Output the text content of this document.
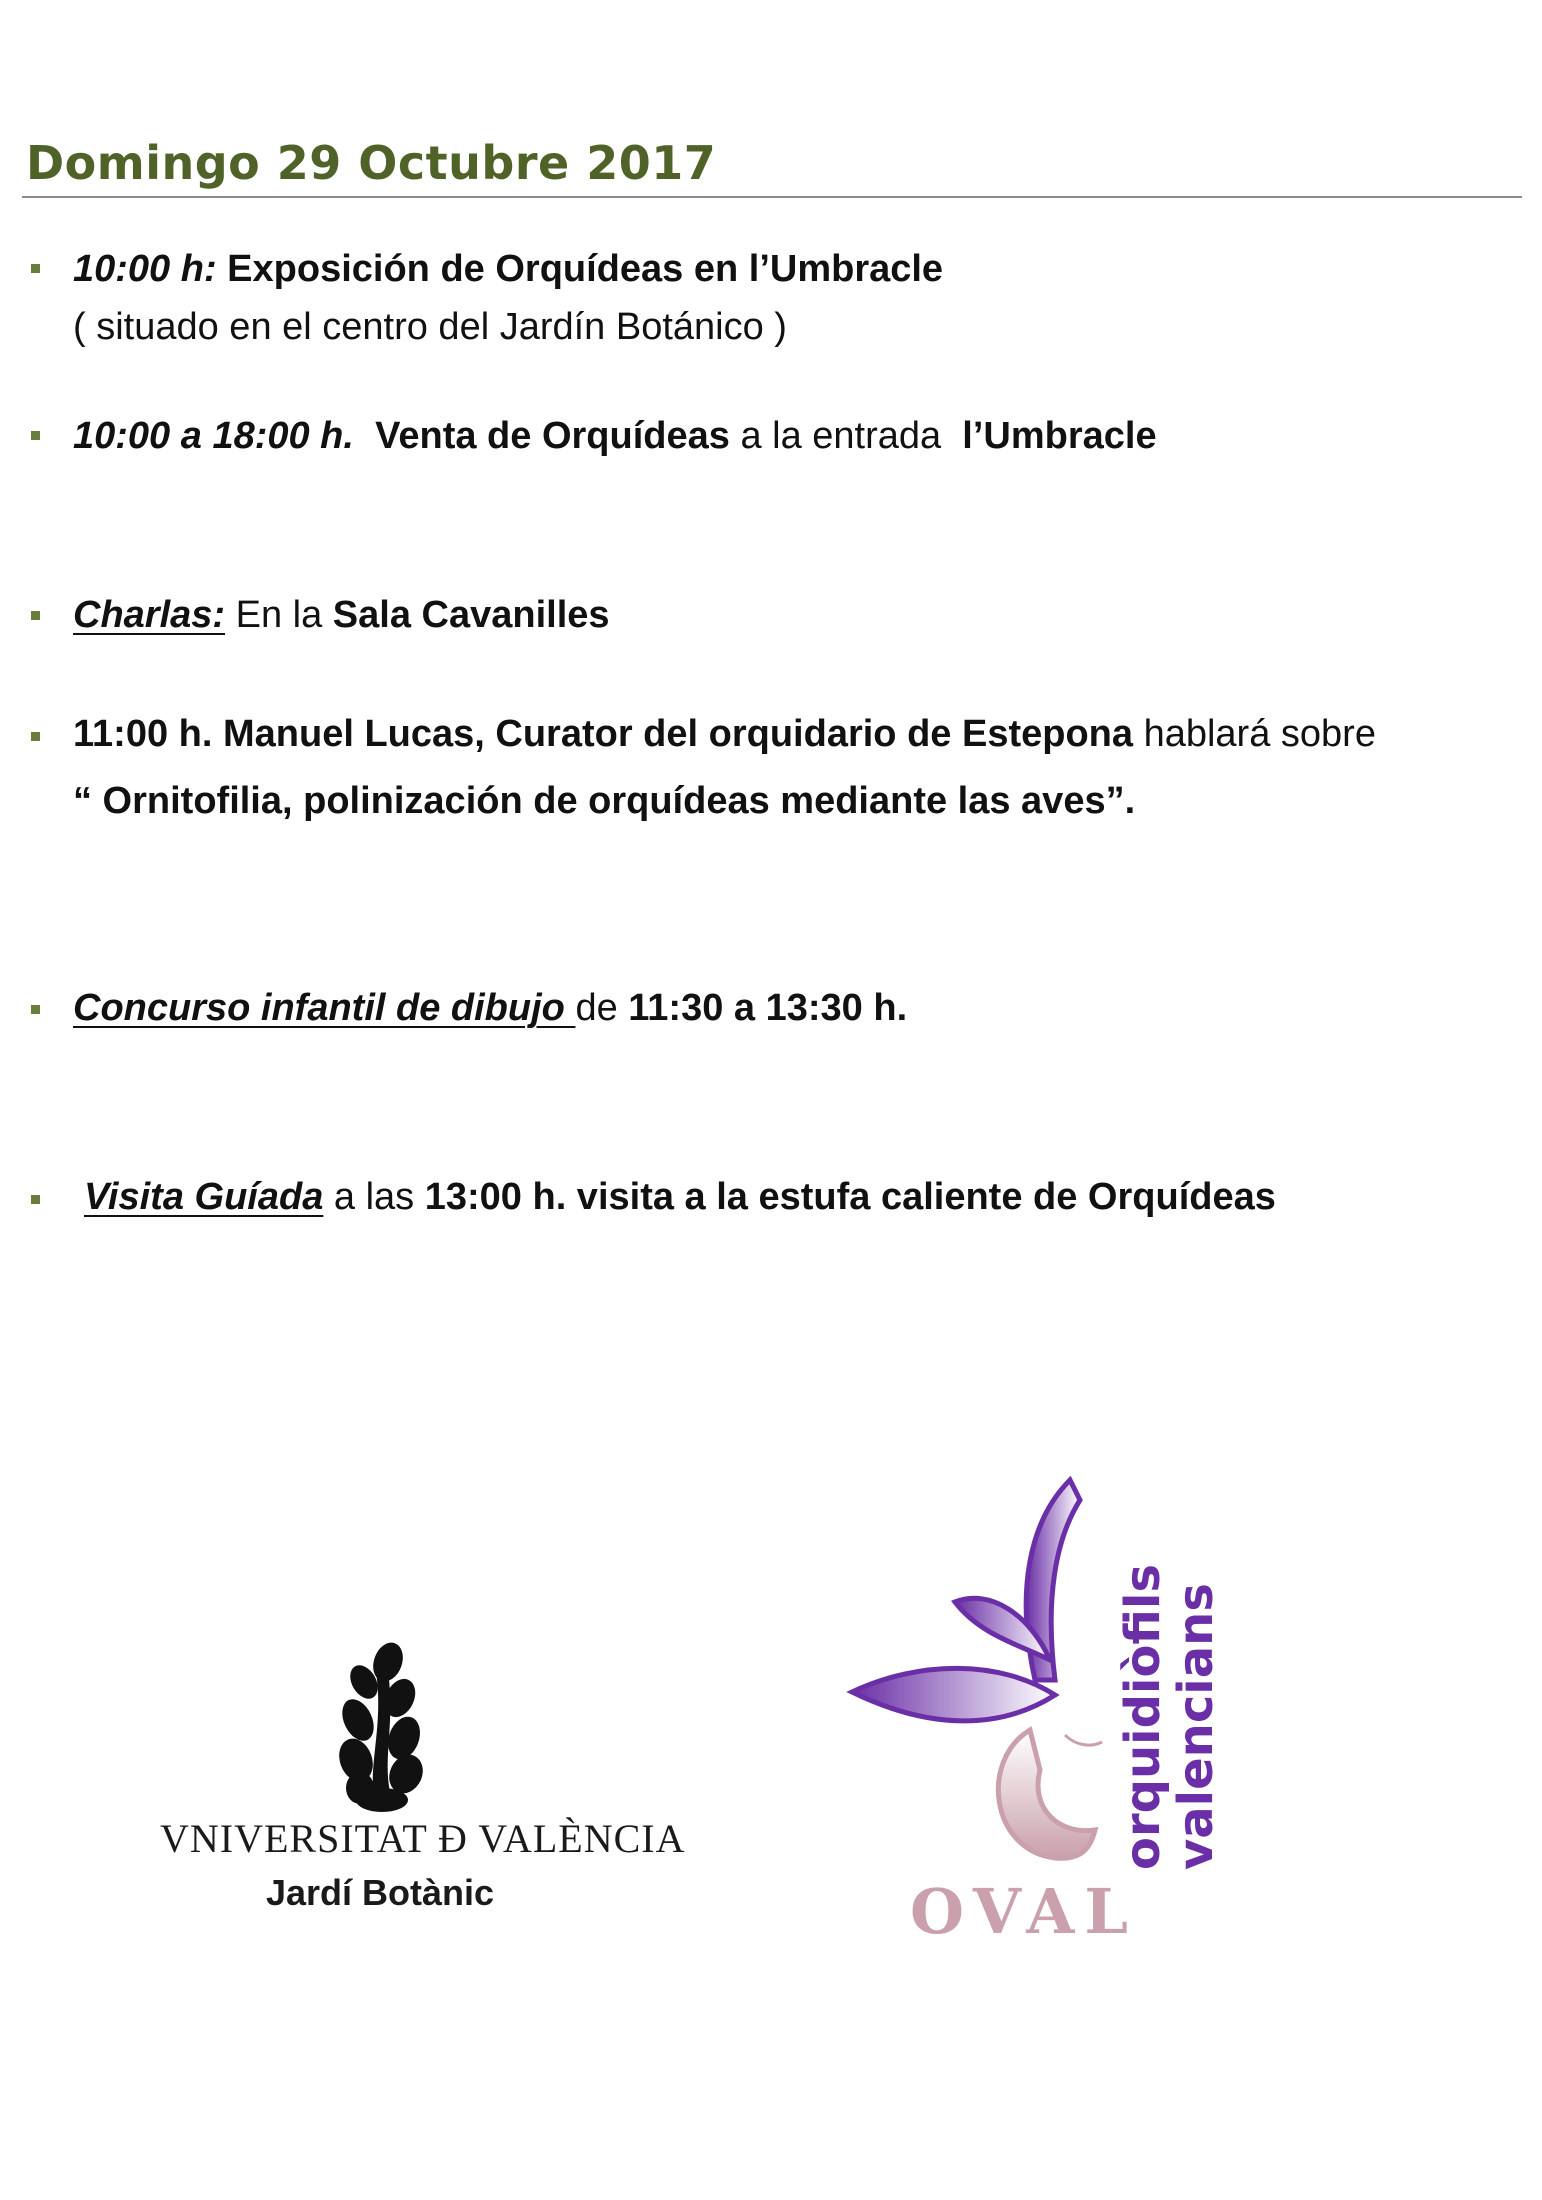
Domingo 29 Octubre 2017
10:00 h: Exposición de Orquídeas en l’Umbracle
( situado en el centro del Jardín Botánico )
10:00 a 18:00 h. Venta de Orquídeas a la entrada  l’Umbracle
Charlas: En la Sala Cavanilles
11:00 h. Manuel Lucas, Curator del orquidario de Estepona hablará sobre
“ Ornitofilia, polinización de orquídeas mediante las aves”.
Concurso infantil de dibujo de 11:30 a 13:30 h.
Visita Guíada a las 13:00 h. visita a la estufa caliente de Orquídeas
VNIVERSITAT Ð VALÈNCIA
Jardí Botànic
orquidiòfils
valencians
OVAL
